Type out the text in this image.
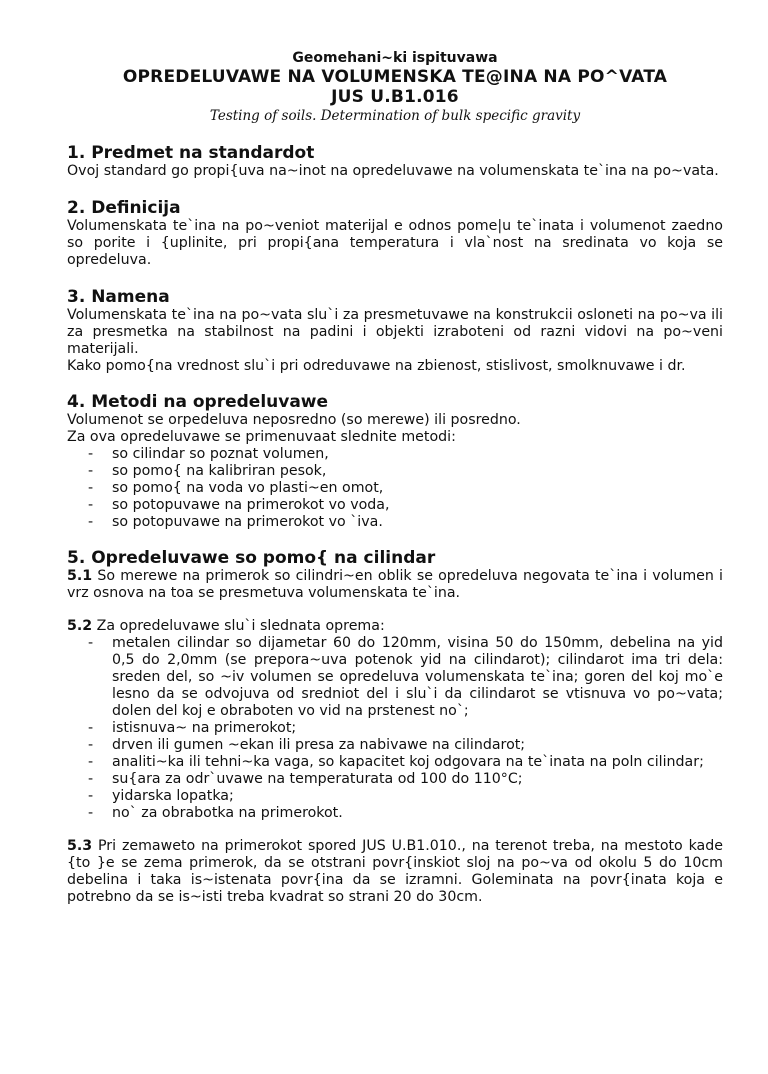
Geomehani~ki ispituvawa
OPREDELUVAWE NA VOLUMENSKA TE@INA NA PO^VATA
JUS U.B1.016
Testing of soils. Determination of bulk specific gravity
1. Predmet na standardot

Ovoj standard go propi{uva na~inot na opredeluvawe na volumenskata te`ina na po~vata.

2. Definicija

Volumenskata te`ina na po~veniot materijal e odnos pome|u te`inata i volumenot zaedno so porite i {uplinite, pri propi{ana temperatura i vla`nost na sredinata vo koja se opredeluva.

3. Namena

Volumenskata te`ina na po~vata slu`i za presmetuvawe na konstrukcii osloneti na po~va ili za presmetka na stabilnost na padini i objekti izraboteni od razni vidovi na po~veni materijali.

Kako pomo{na vrednost slu`i pri odreduvawe na zbienost, stislivost, smolknuvawe i dr.

4. Metodi na opredeluvawe

Volumenot se orpedeluva neposredno (so merewe) ili posredno.

Za ova opredeluvawe se primenuvaat slednite metodi:

- so cilindar so poznat volumen,
- so pomo{ na kalibriran pesok,
- so pomo{ na voda vo plasti~en omot,
- so potopuvawe na primerokot vo voda,
- so potopuvawe na primerokot vo `iva.
5. Opredeluvawe so pomo{ na cilindar

5.1 So merewe na primerok so cilindri~en oblik se opredeluva negovata te`ina i volumen i vrz osnova na toa se presmetuva volumenskata te`ina.

5.2 Za opredeluvawe slu`i slednata oprema:

- metalen cilindar so dijametar 60 do 120mm, visina 50 do 150mm, debelina na yid 0,5 do 2,0mm (se prepora~uva potenok yid na cilindarot); cilindarot ima tri dela: sreden del, so ~iv volumen se opredeluva volumenskata te`ina; goren del koj mo`e lesno da se odvojuva od sredniot del i slu`i da cilindarot se vtisnuva vo po~vata; dolen del koj e obraboten vo vid na prstenest no`;
- istisnuva~ na primerokot;
- drven ili gumen ~ekan ili presa za nabivawe na cilindarot;
- analiti~ka ili tehni~ka vaga, so kapacitet koj odgovara na te`inata na poln cilindar;
- su{ara za odr`uvawe na temperaturata od 100 do 110°C;
- yidarska lopatka;
- no` za obrabotka na primerokot.

5.3 Pri zemaweto na primerokot spored JUS U.B1.010., na terenot treba, na mestoto kade {to }e se zema primerok, da se otstrani povr{inskiot sloj na po~va od okolu 5 do 10cm debelina i taka is~istenata povr{ina da se izramni. Goleminata na povr{inata koja e potrebno da se is~isti treba kvadrat so strani 20 do 30cm.
